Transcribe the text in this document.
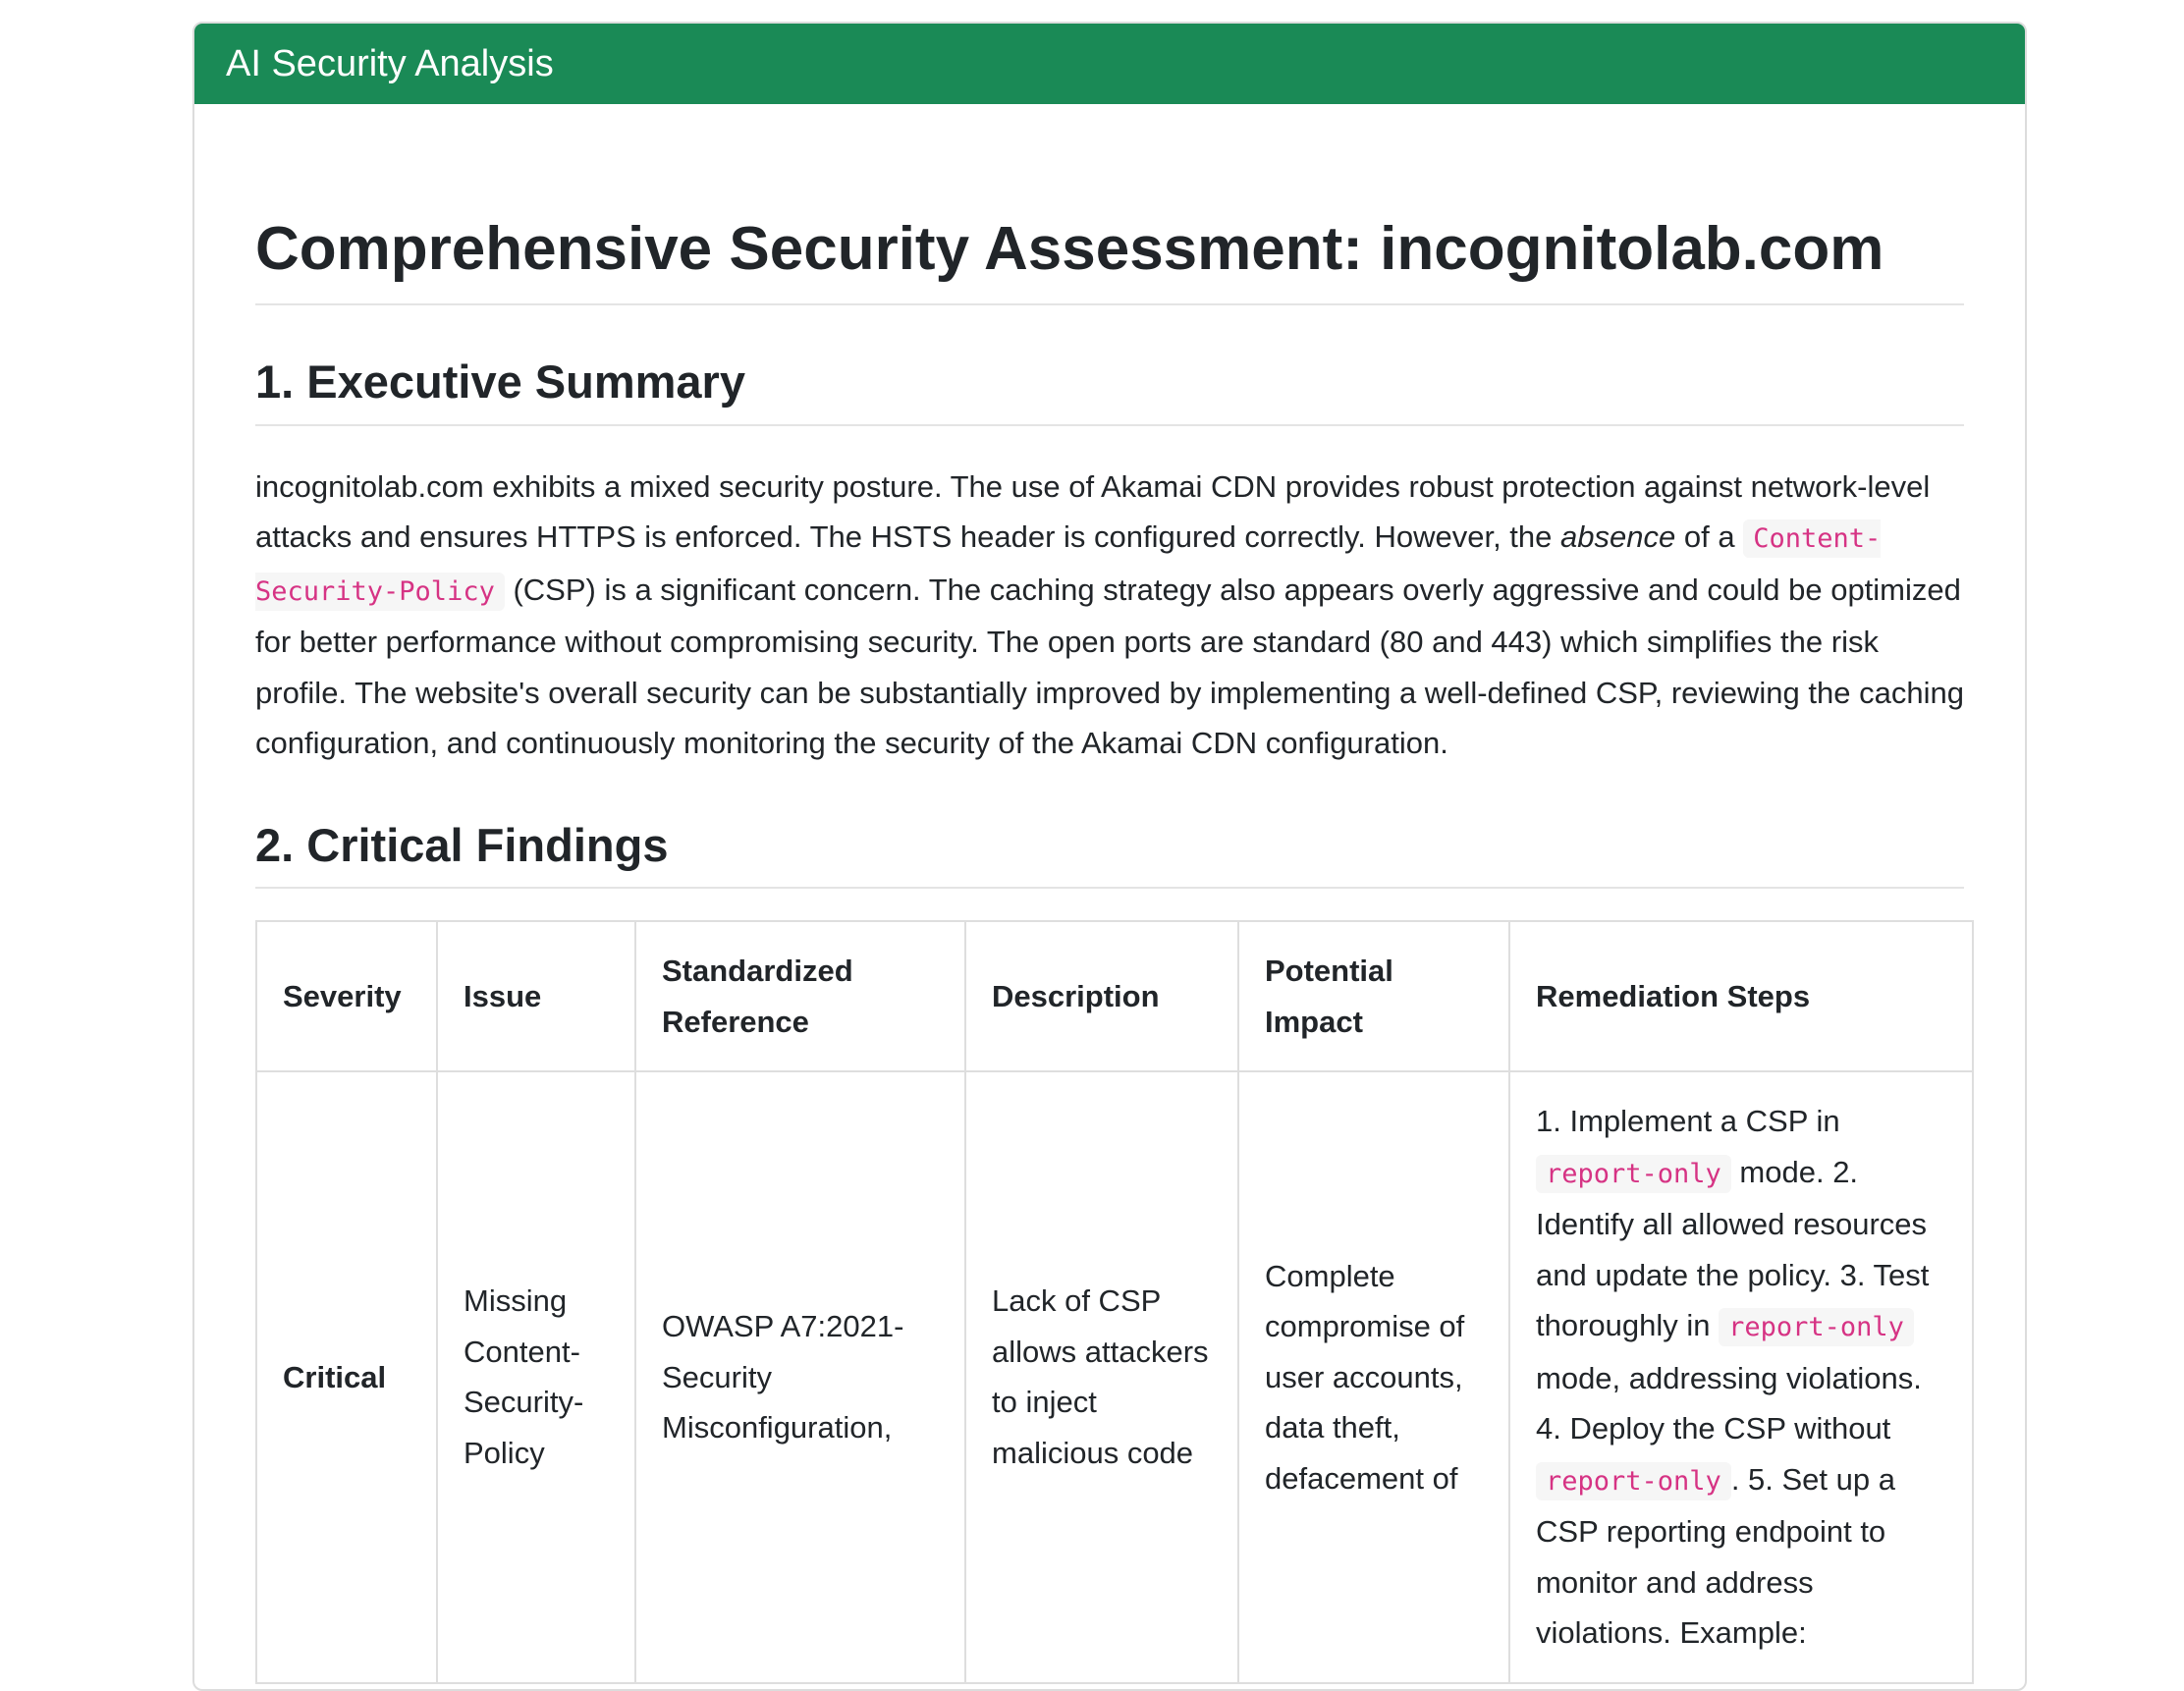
AI Security Analysis
Comprehensive Security Assessment: incognitolab.com
1. Executive Summary

incognitolab.com exhibits a mixed security posture. The use of Akamai CDN provides robust protection against network-level attacks and ensures HTTPS is enforced. The HSTS header is configured correctly. However, the absence of a Content-Security-Policy (CSP) is a significant concern. The caching strategy also appears overly aggressive and could be optimized for better performance without compromising security. The open ports are standard (80 and 443) which simplifies the risk profile. The website's overall security can be substantially improved by implementing a well-defined CSP, reviewing the caching configuration, and continuously monitoring the security of the Akamai CDN configuration.

2. Critical Findings
Severity	Issue	Standardized Reference	Description	Potential Impact	Remediation Steps
Critical	Missing Content-Security-Policy	OWASP A7:2021-Security Misconfiguration,	Lack of CSP allows attackers to inject malicious code	Complete compromise of user accounts, data theft, defacement of	1. Implement a CSP in report-only mode. 2. Identify all allowed resources and update the policy. 3. Test thoroughly in report-only mode, addressing violations. 4. Deploy the CSP without report-only . 5. Set up a CSP reporting endpoint to monitor and address violations. Example:
